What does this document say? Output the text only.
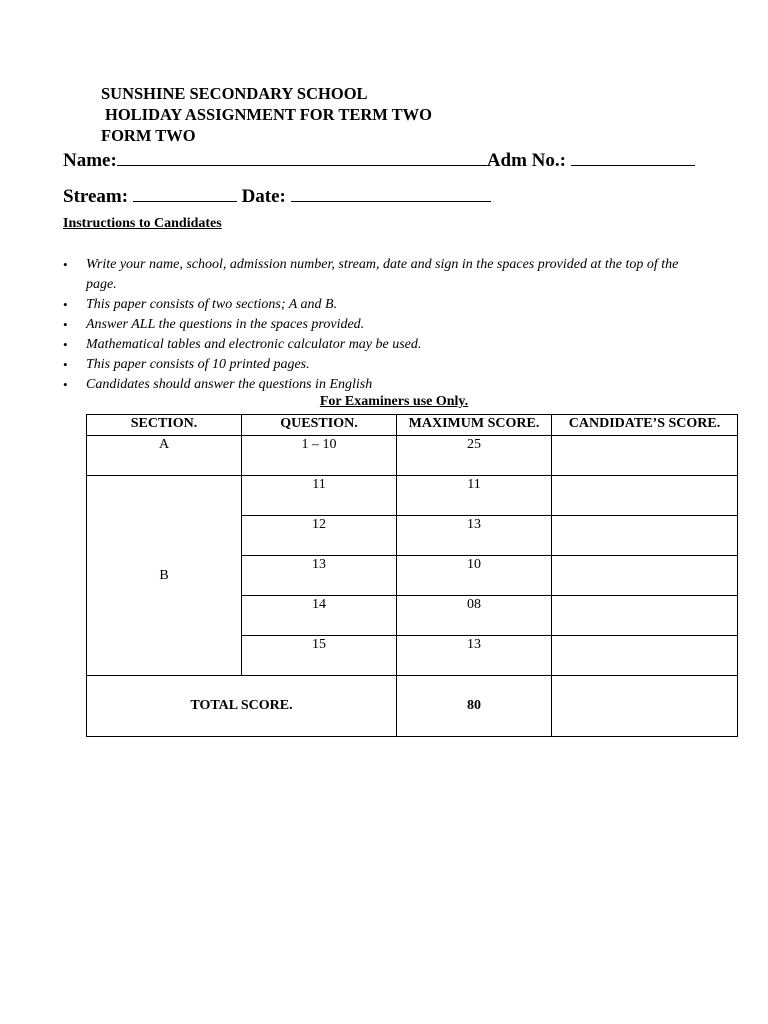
SUNSHINE SECONDARY SCHOOL
HOLIDAY ASSIGNMENT FOR TERM TWO
FORM TWO
Name:	Adm No.:
Stream:	Date:
Instructions to Candidates
• Write your name, school, admission number, stream, date and sign in the spaces provided at the top of the page.
• This paper consists of two sections; A and B.
• Answer ALL the questions in the spaces provided.
• Mathematical tables and electronic calculator may be used.
• This paper consists of 10 printed pages.
• Candidates should answer the questions in English
For Examiners use Only.
SECTION.	QUESTION.	MAXIMUM SCORE.	CANDIDATE’S SCORE.
A	1 – 10	25	
B	11	11	
	12	13	
	13	10	
	14	08	
	15	13	
TOTAL SCORE.		80	
